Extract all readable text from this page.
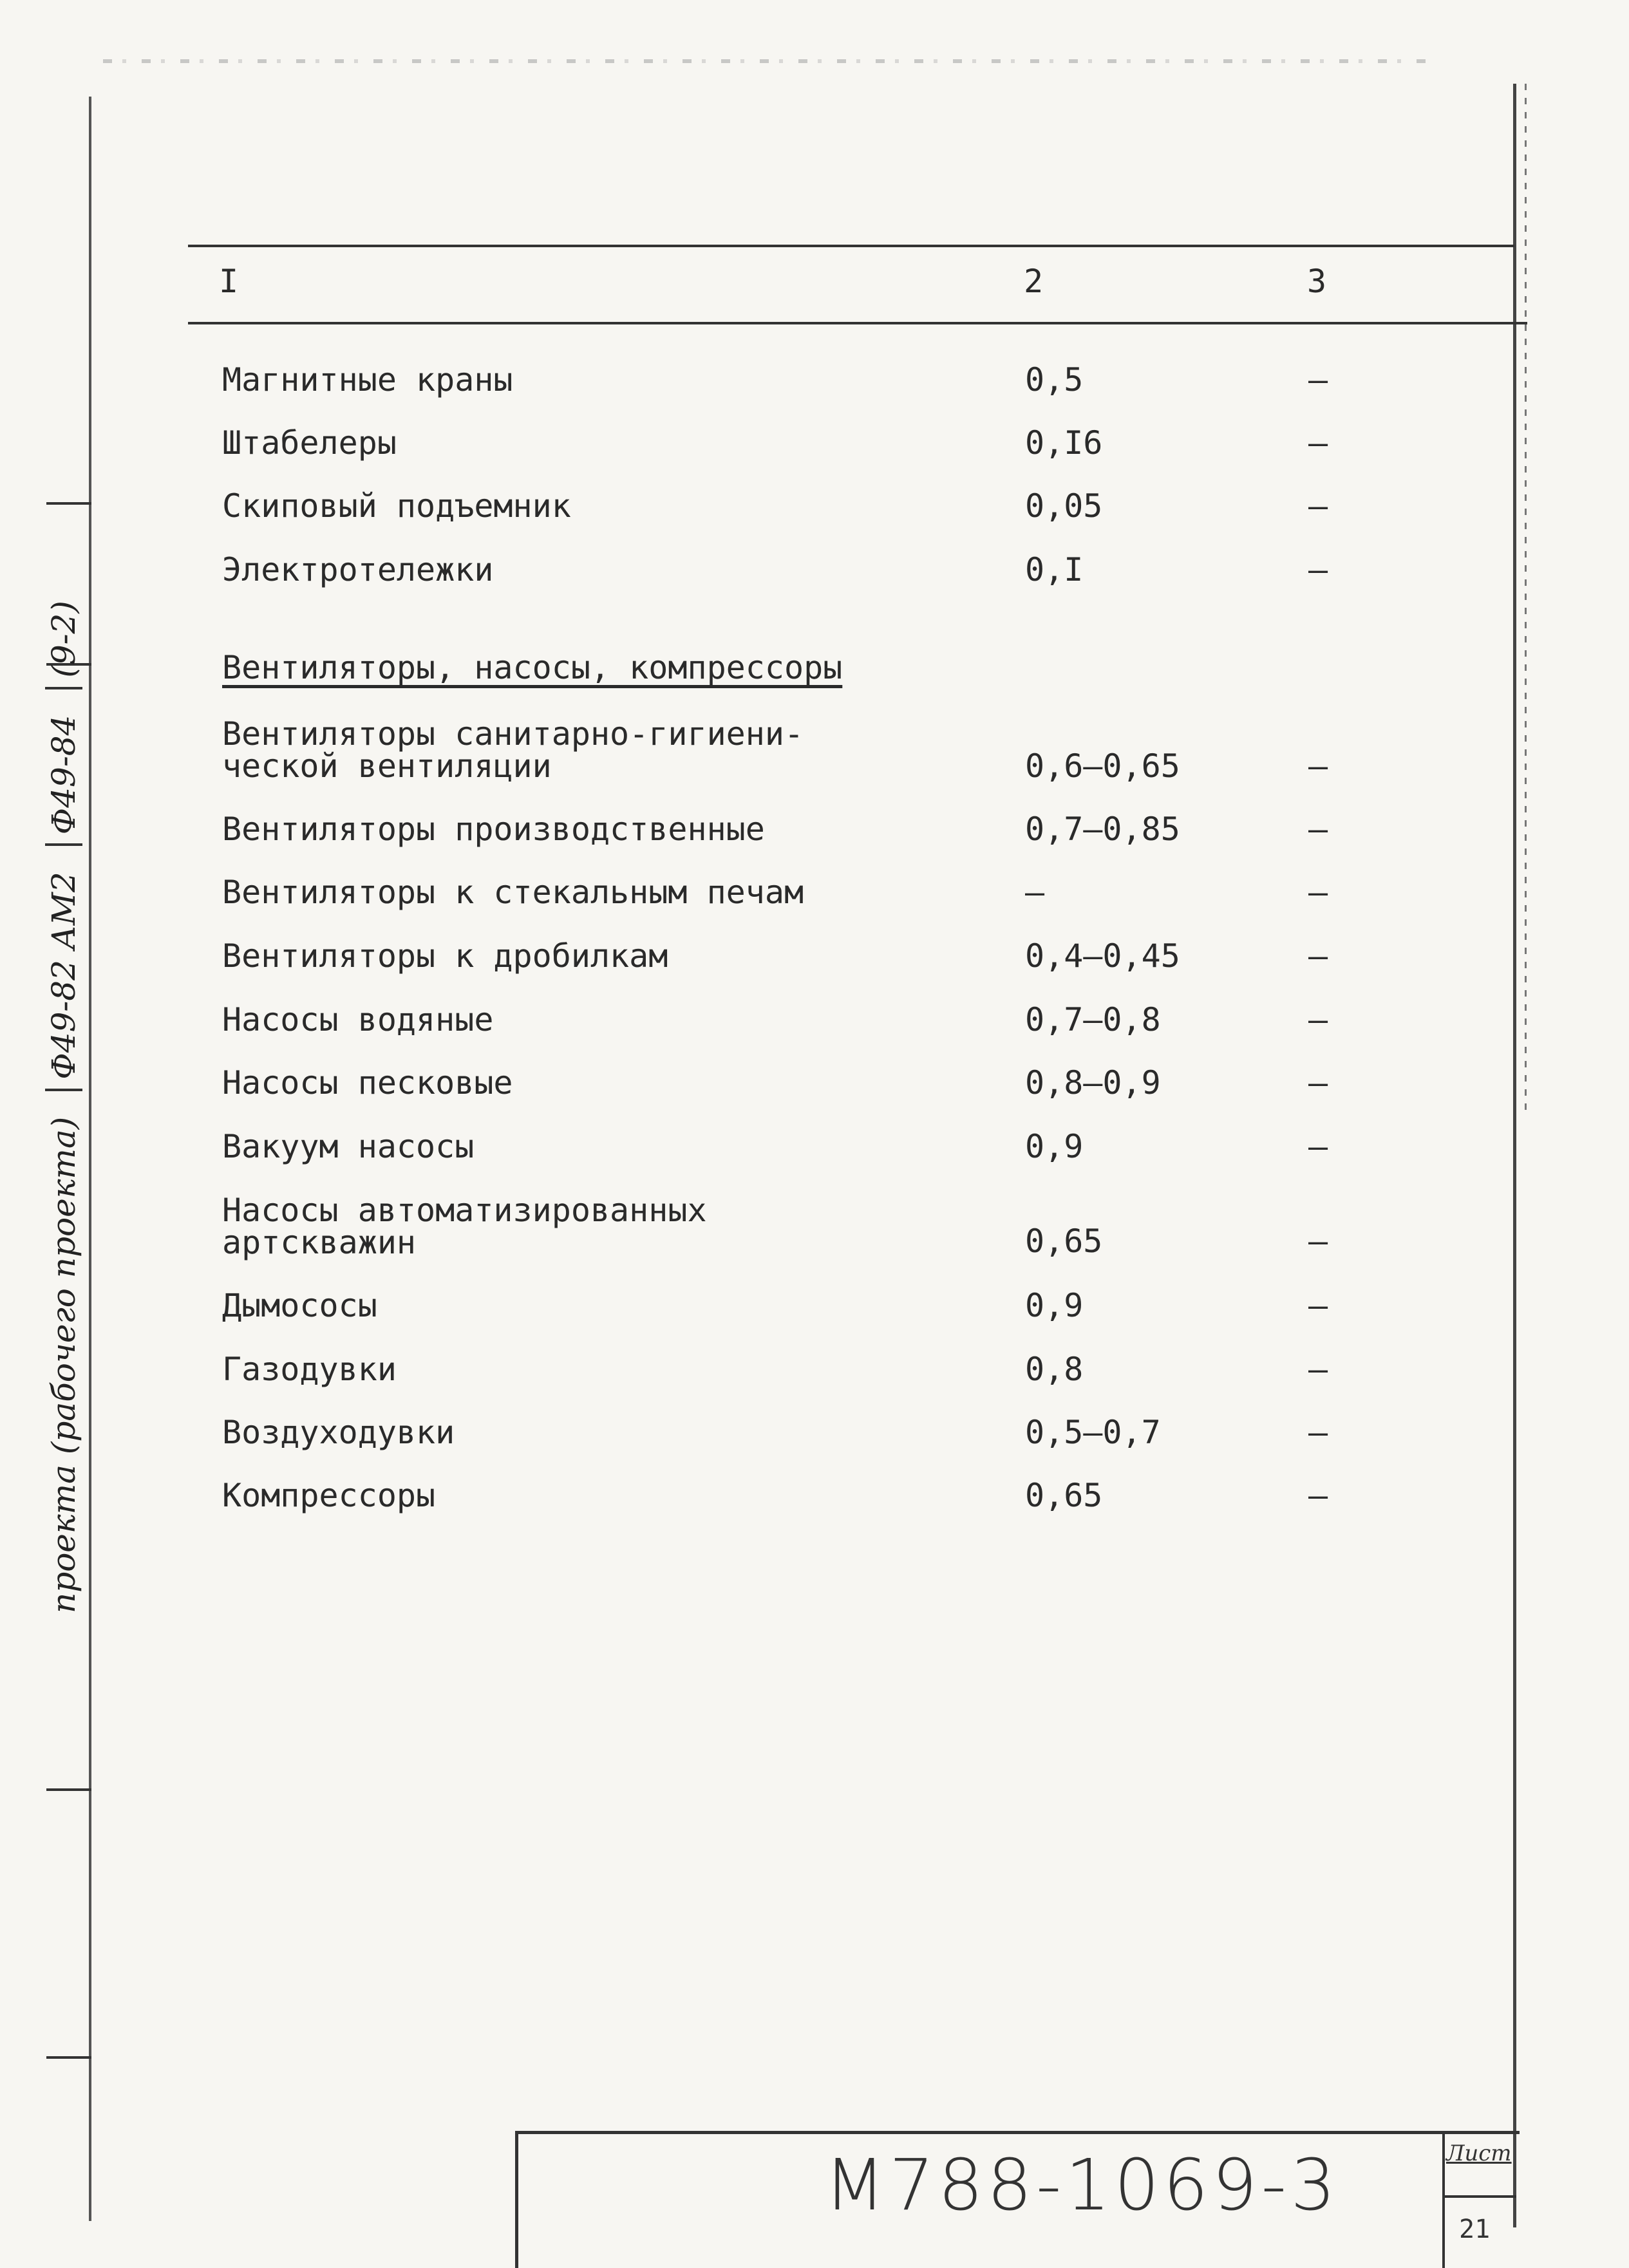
I	2	3
Магнитные краны	0,5	–
Штабелеры	0,I6	–
Скиповый подъемник	0,05	–
Электротележки	0,I	–
Вентиляторы, насосы, компрессоры
Вентиляторы санитарно-гигиени-
ческой вентиляции	0,6–0,65	–
Вентиляторы производственные	0,7–0,85	–
Вентиляторы к стекальным печам	–	–
Вентиляторы к дробилкам	0,4–0,45	–
Насосы водяные	0,7–0,8	–
Насосы песковые	0,8–0,9	–
Вакуум насосы	0,9	–
Насосы автоматизированных
артскважин	0,65	–
Дымососы	0,9	–
Газодувки	0,8	–
Воздуходувки	0,5–0,7	–
Компрессоры	0,65	–
проекта (рабочего проекта)
Ф49-82 АМ2
Ф49-84
(9-2)
М788-1069-3	Лист
21
